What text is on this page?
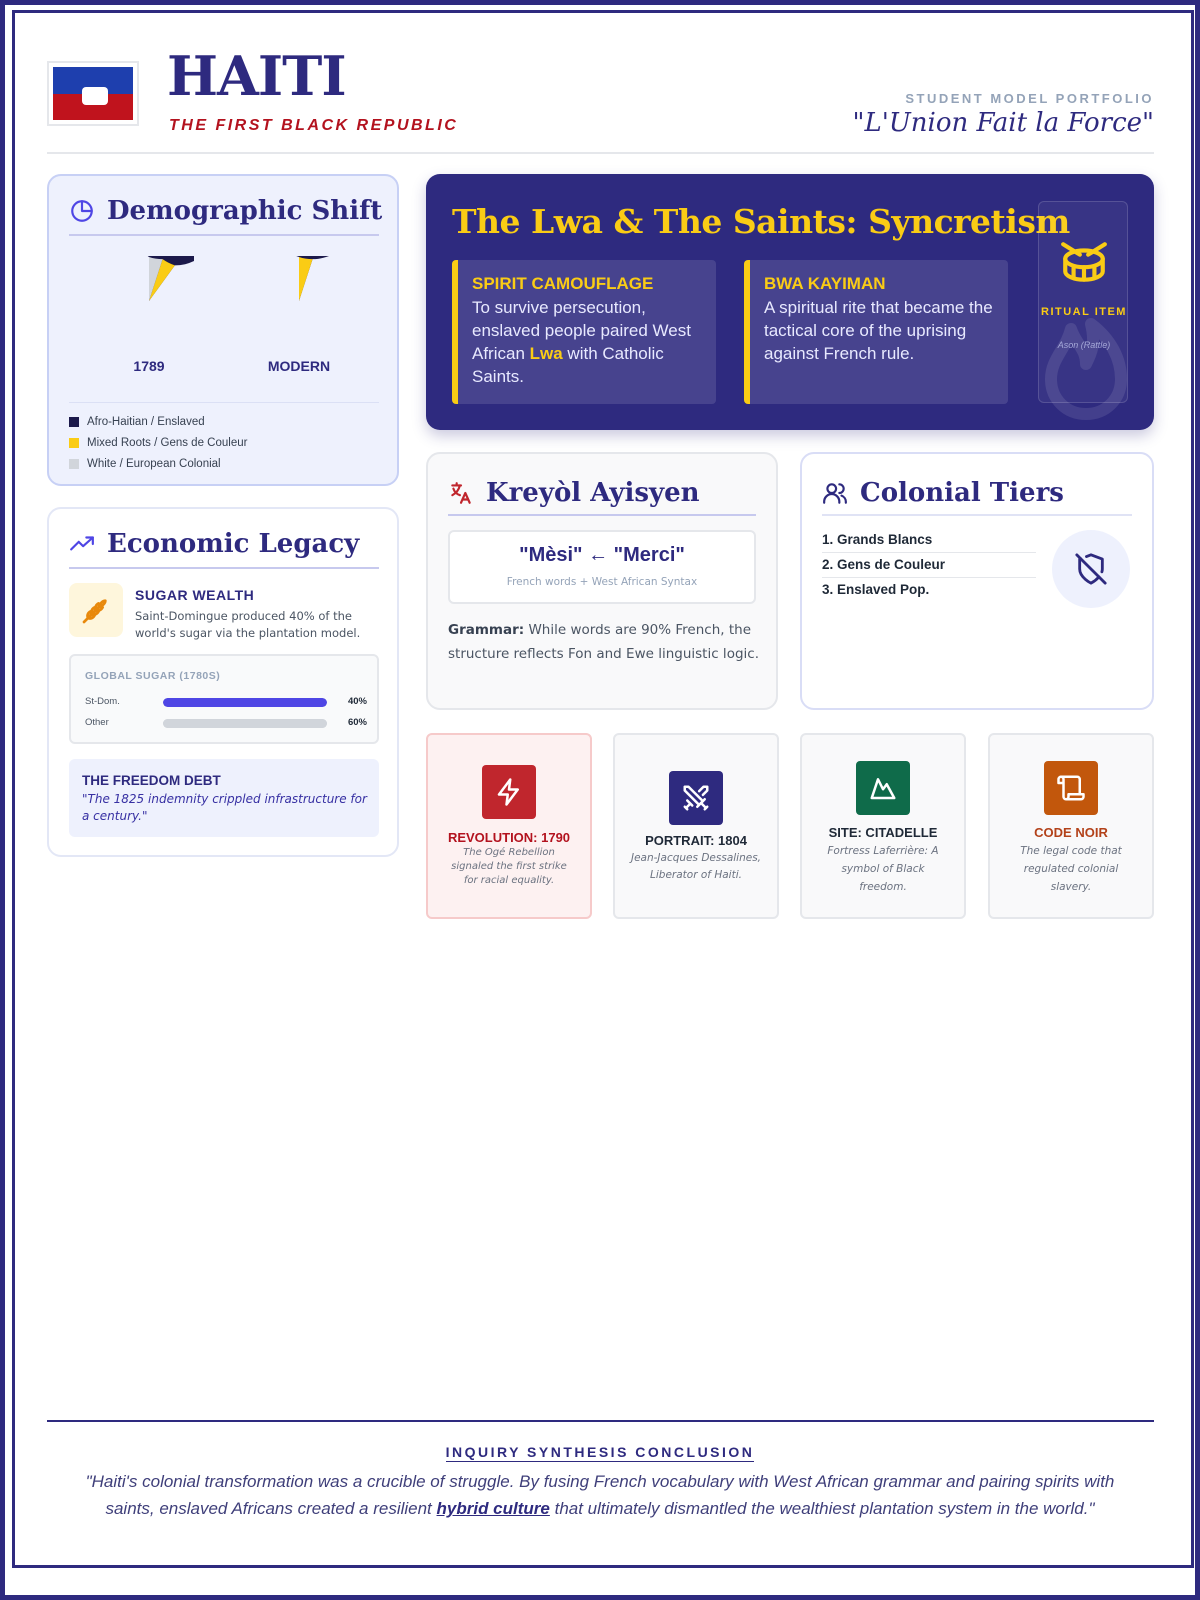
HAITI
THE FIRST BLACK REPUBLIC
STUDENT MODEL PORTFOLIO
"L'Union Fait la Force"
Demographic Shift
1789	MODERN
Afro-Haitian / Enslaved
Mixed Roots / Gens de Couleur
White / European Colonial
Economic Legacy
SUGAR WEALTH
Saint-Domingue produced 40% of the world's sugar via the plantation model.
GLOBAL SUGAR (1780S)
St-Dom.	40%
Other	60%
THE FREEDOM DEBT
"The 1825 indemnity crippled infrastructure for a century."
The Lwa & The Saints: Syncretism
SPIRIT CAMOUFLAGE
To survive persecution, enslaved people paired West African Lwa with Catholic Saints.
BWA KAYIMAN
A spiritual rite that became the tactical core of the uprising against French rule.
RITUAL ITEM
Ason (Rattle)
Kreyòl Ayisyen
"Mèsi" ← "Merci"
French words + West African Syntax
Grammar: While words are 90% French, the structure reflects Fon and Ewe linguistic logic.
Colonial Tiers
1. Grands Blancs
2. Gens de Couleur
3. Enslaved Pop.
REVOLUTION: 1790
The Ogé Rebellion signaled the first strike for racial equality.
PORTRAIT: 1804
Jean-Jacques Dessalines, Liberator of Haiti.
SITE: CITADELLE
Fortress Laferrière: A symbol of Black freedom.
CODE NOIR
The legal code that regulated colonial slavery.
INQUIRY SYNTHESIS CONCLUSION
"Haiti's colonial transformation was a crucible of struggle. By fusing French vocabulary with West African grammar and pairing spirits with saints, enslaved Africans created a resilient hybrid culture that ultimately dismantled the wealthiest plantation system in the world."
